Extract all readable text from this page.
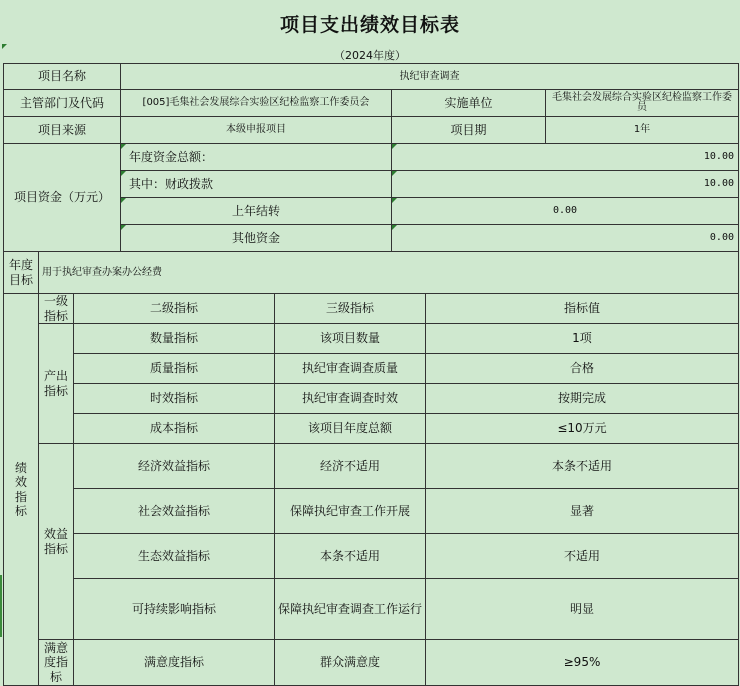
项目支出绩效目标表
（2024年度）
项目名称			执纪审查调查				
主管部门及代码			[005]毛集社会发展综合实验区纪检监察工作委员会		实施单位		毛集社会发展综合实验区纪检监察工作委员
项目来源			本级申报项目		项目期		1年
项目资金（万元）			年度资金总额：		10.00		
			其中：财政拨款		10.00		
			上年结转		0.00		
			其他资金		0.00		
年度目标	用于执纪审查办案办公经费						
绩效指标	一级指标	二级指标		三级指标		指标值	
	产出指标	数量指标		该项目数量		1项	
		质量指标		执纪审查调查质量		合格	
		时效指标		执纪审查调查时效		按期完成	
		成本指标		该项目年度总额		≤10万元	
	效益指标	经济效益指标		经济不适用		本条不适用	
		社会效益指标		保障执纪审查工作开展		显著	
		生态效益指标		本条不适用		不适用	
		可持续影响指标		保障执纪审查调查工作运行		明显	
	满意度指标	满意度指标		群众满意度		≥95%	
